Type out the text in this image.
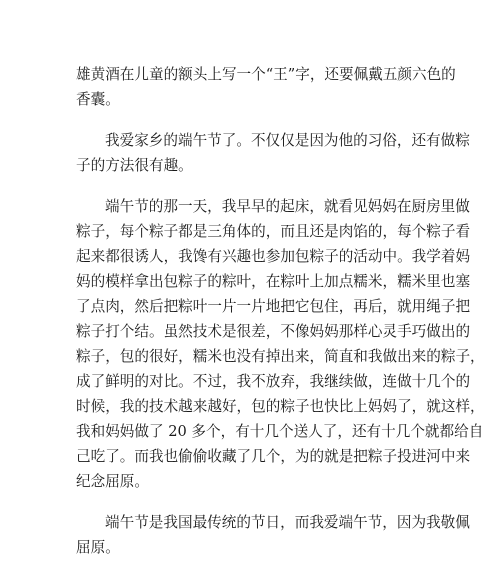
雄黄酒在儿童的额头上写一个“王”字，还要佩戴五颜六色的
香囊。
我爱家乡的端午节了。不仅仅是因为他的习俗，还有做粽
子的方法很有趣。
端午节的那一天，我早早的起床，就看见妈妈在厨房里做
粽子，每个粽子都是三角体的，而且还是肉馅的，每个粽子看
起来都很诱人，我馋有兴趣也参加包粽子的活动中。我学着妈
妈的模样拿出包粽子的粽叶，在粽叶上加点糯米，糯米里也塞
了点肉，然后把粽叶一片一片地把它包住，再后，就用绳子把
粽子打个结。虽然技术是很差，不像妈妈那样心灵手巧做出的
粽子，包的很好，糯米也没有掉出来，简直和我做出来的粽子，
成了鲜明的对比。不过，我不放弃，我继续做，连做十几个的
时候，我的技术越来越好，包的粽子也快比上妈妈了，就这样，
我和妈妈做了 20 多个，有十几个送人了，还有十几个就都给自
己吃了。而我也偷偷收藏了几个，为的就是把粽子投进河中来
纪念屈原。
端午节是我国最传统的节日，而我爱端午节，因为我敬佩
屈原。
